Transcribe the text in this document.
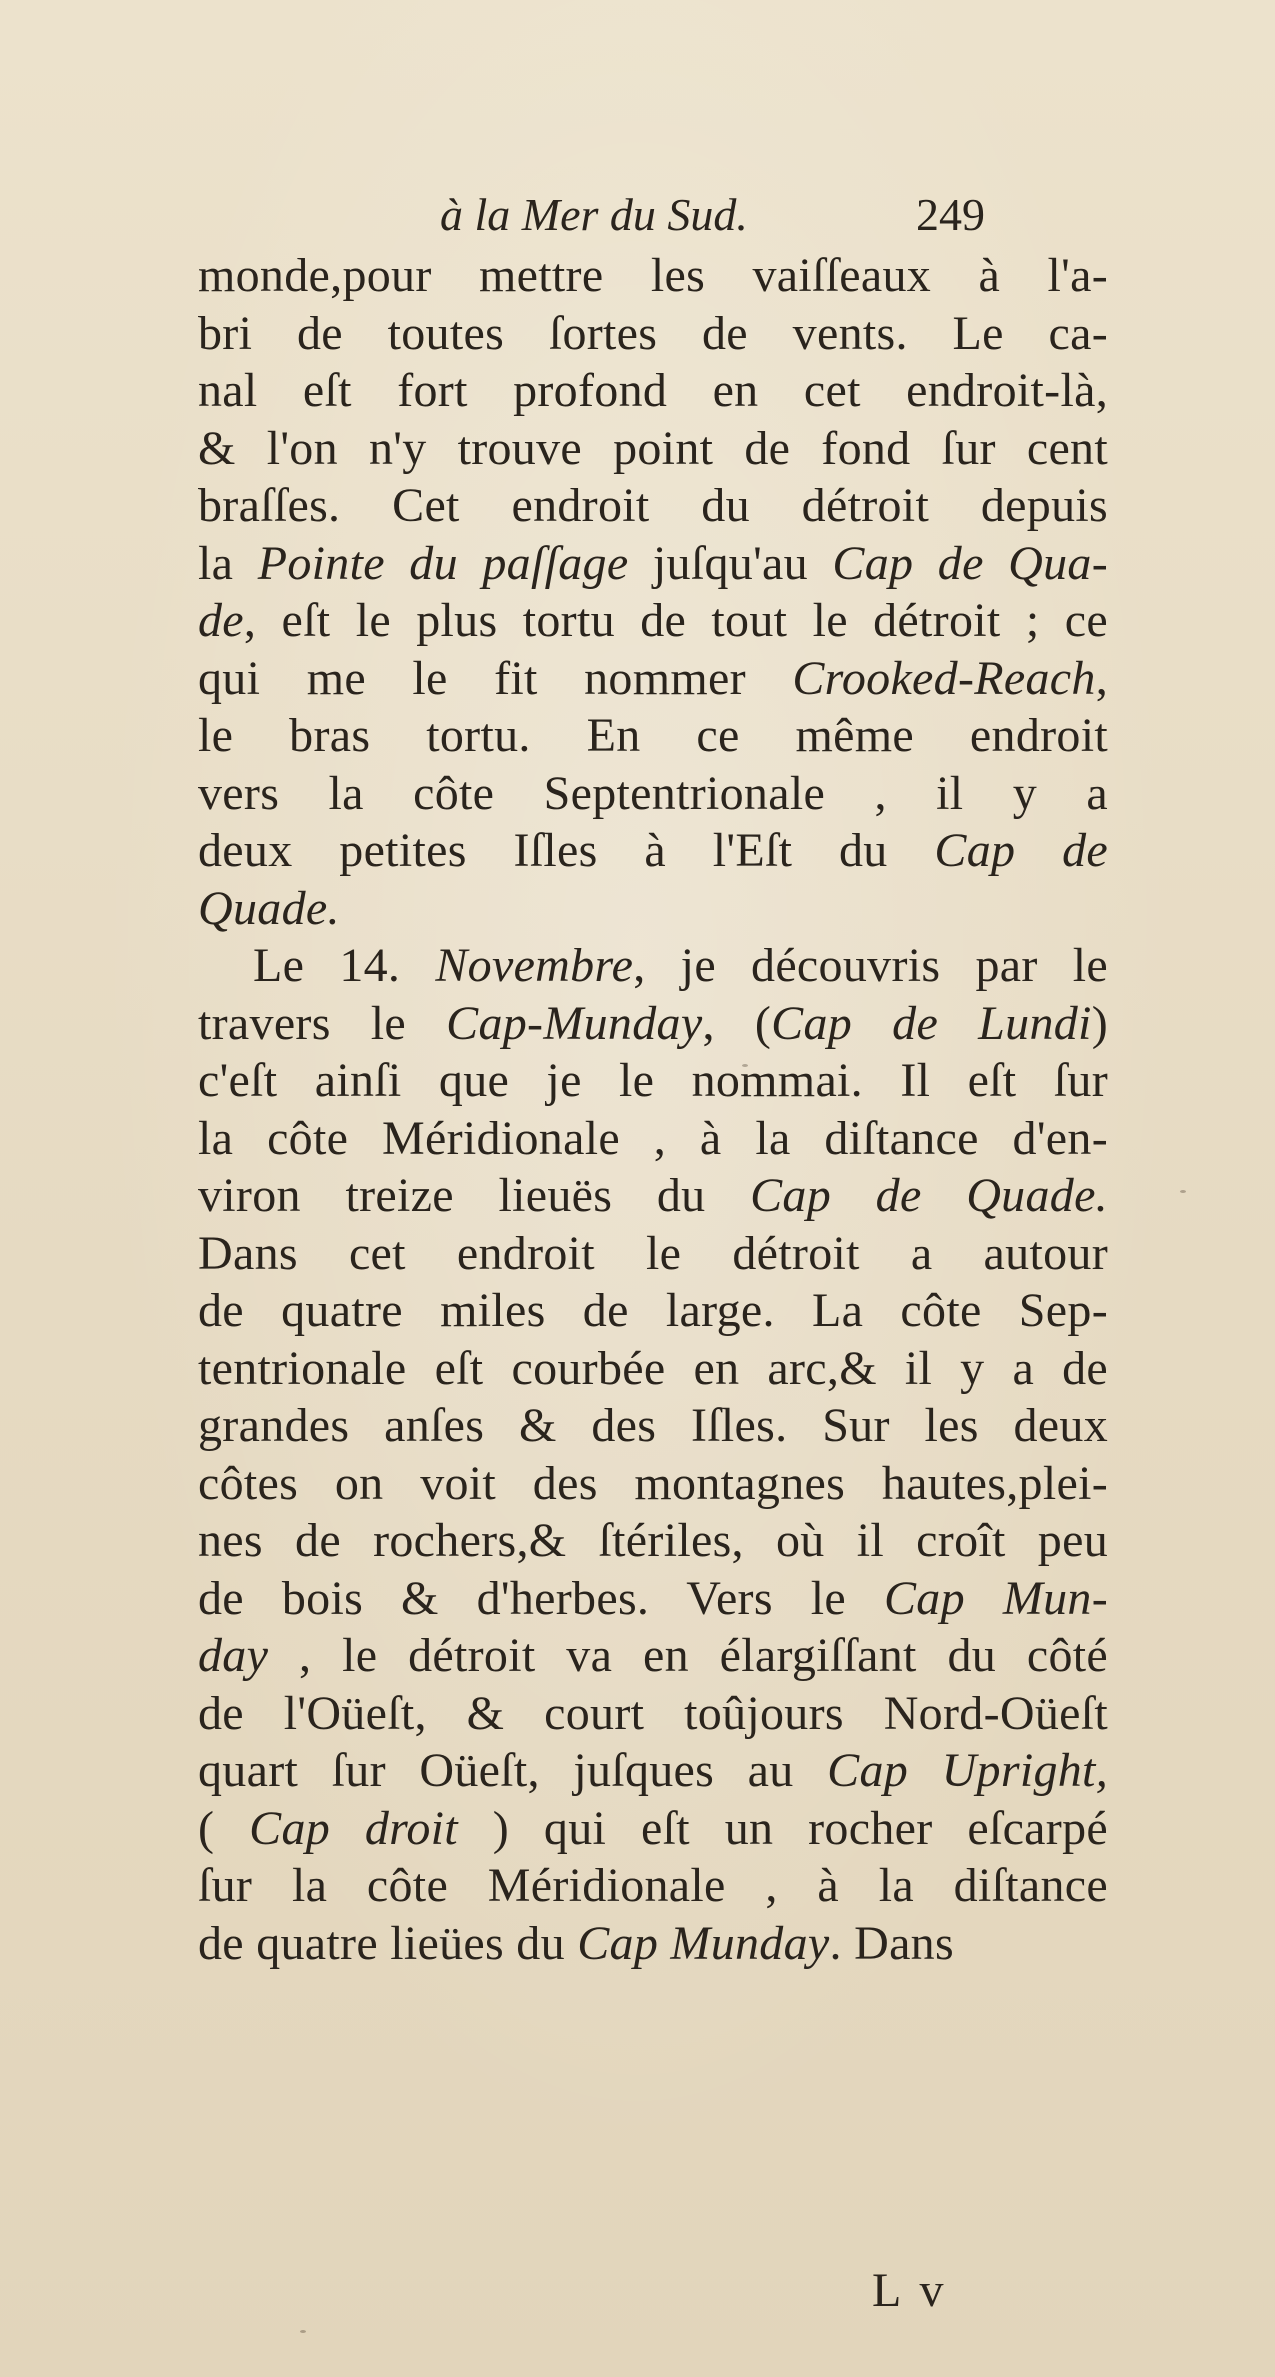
à la Mer du Sud.	249
monde,pour mettre les vaiſſeaux à l'a-
bri de toutes ſortes de vents. Le ca-
nal eſt fort profond en cet endroit-là,
& l'on n'y trouve point de fond ſur cent
braſſes. Cet endroit du détroit depuis
la Pointe du paſſage juſqu'au Cap de Qua-
de, eſt le plus tortu de tout le détroit ; ce
qui me le fit nommer Crooked-Reach,
le bras tortu. En ce même endroit
vers la côte Septentrionale , il y a
deux petites Iſles à l'Eſt du Cap de
Quade.
Le 14. Novembre, je découvris par le
travers le Cap-Munday, (Cap de Lundi)
c'eſt ainſi que je le nommai. Il eſt ſur
la côte Méridionale , à la diſtance d'en-
viron treize lieuës du Cap de Quade.
Dans cet endroit le détroit a autour
de quatre miles de large. La côte Sep-
tentrionale eſt courbée en arc,& il y a de
grandes anſes & des Iſles. Sur les deux
côtes on voit des montagnes hautes,plei-
nes de rochers,& ſtériles, où il croît peu
de bois & d'herbes. Vers le Cap Mun-
day , le détroit va en élargiſſant du côté
de l'Oüeſt, & court toûjours Nord-Oüeſt
quart ſur Oüeſt, juſques au Cap Upright,
( Cap droit ) qui eſt un rocher eſcarpé
ſur la côte Méridionale , à la diſtance
de quatre lieües du Cap Munday. Dans
L v
